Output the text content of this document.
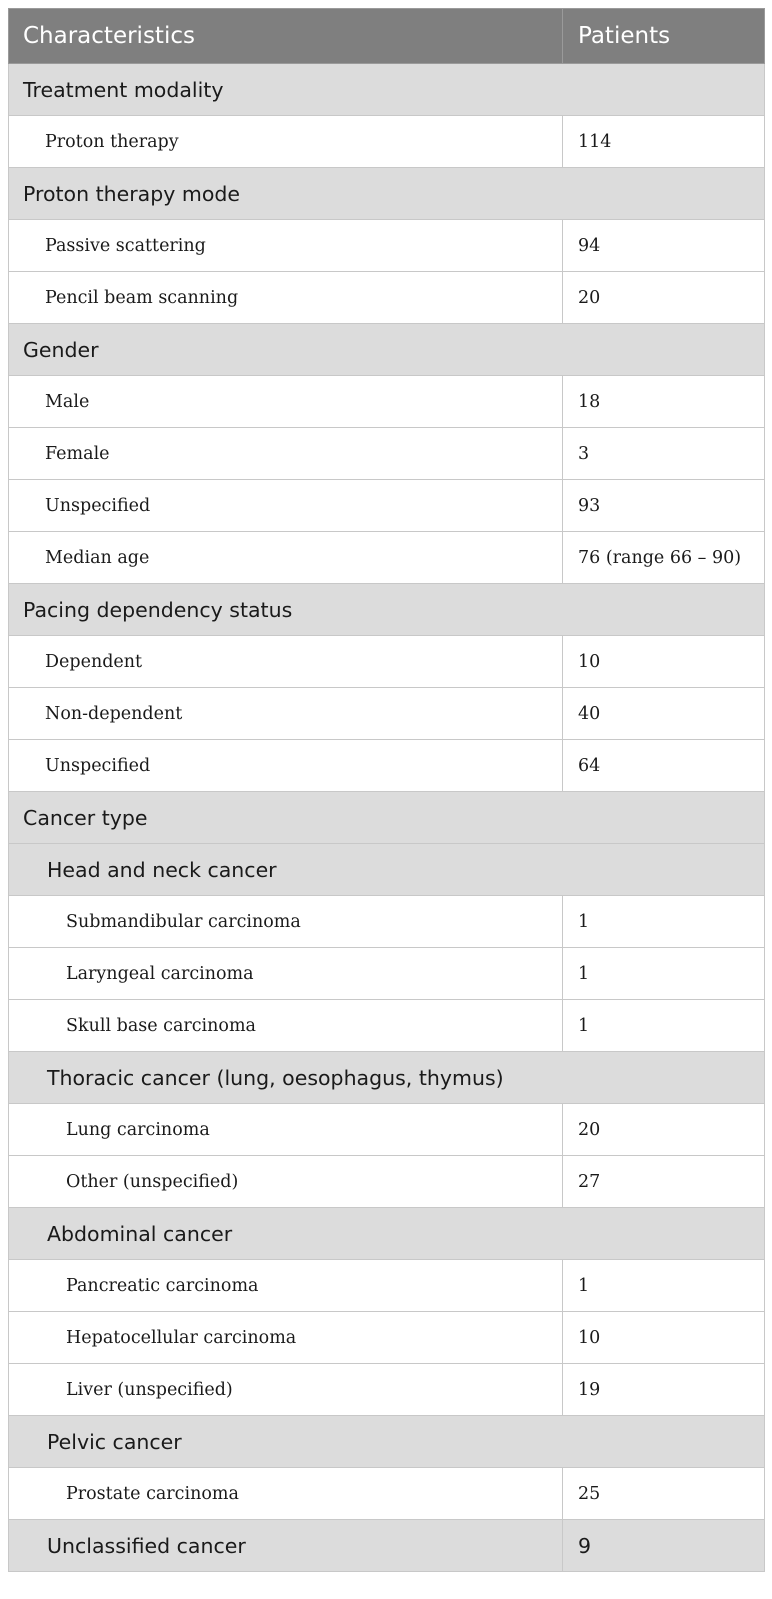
Characteristics	Patients
Treatment modality	
Proton therapy	114
Proton therapy mode	
Passive scattering	94
Pencil beam scanning	20
Gender	
Male	18
Female	3
Unspecified	93
Median age	76 (range 66 – 90)
Pacing dependency status	
Dependent	10
Non-dependent	40
Unspecified	64
Cancer type	
Head and neck cancer	
Submandibular carcinoma	1
Laryngeal carcinoma	1
Skull base carcinoma	1
Thoracic cancer (lung, oesophagus, thymus)	
Lung carcinoma	20
Other (unspecified)	27
Abdominal cancer	
Pancreatic carcinoma	1
Hepatocellular carcinoma	10
Liver (unspecified)	19
Pelvic cancer	
Prostate carcinoma	25
Unclassified cancer	9
